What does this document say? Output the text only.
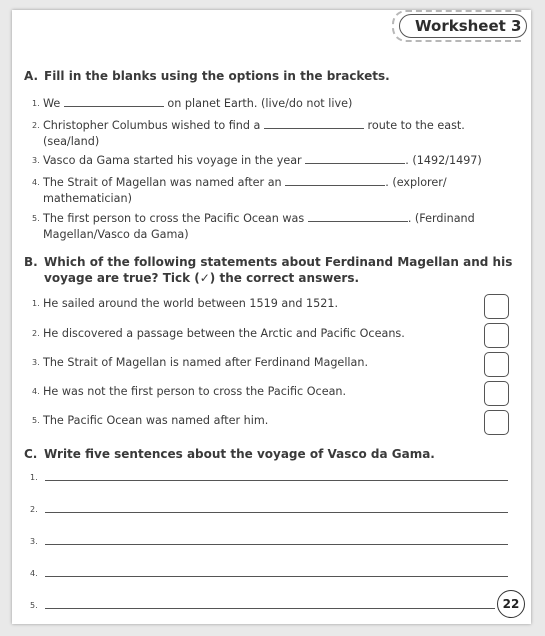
Worksheet 3
A. Fill in the blanks using the options in the brackets.
1. We	on planet Earth. (live/do not live)
2. Christopher Columbus wished to find a	route to the east.
(sea/land)
3. Vasco da Gama started his voyage in the year	. (1492/1497)
4. The Strait of Magellan was named after an	. (explorer/
mathematician)
5. The first person to cross the Pacific Ocean was	. (Ferdinand
Magellan/Vasco da Gama)
B. Which of the following statements about Ferdinand Magellan and his
voyage are true? Tick (✓) the correct answers.
1. He sailed around the world between 1519 and 1521.
2. He discovered a passage between the Arctic and Pacific Oceans.
3. The Strait of Magellan is named after Ferdinand Magellan.
4. He was not the first person to cross the Pacific Ocean.
5. The Pacific Ocean was named after him.
C. Write five sentences about the voyage of Vasco da Gama.
1.
2.
3.
4.
5.	22
